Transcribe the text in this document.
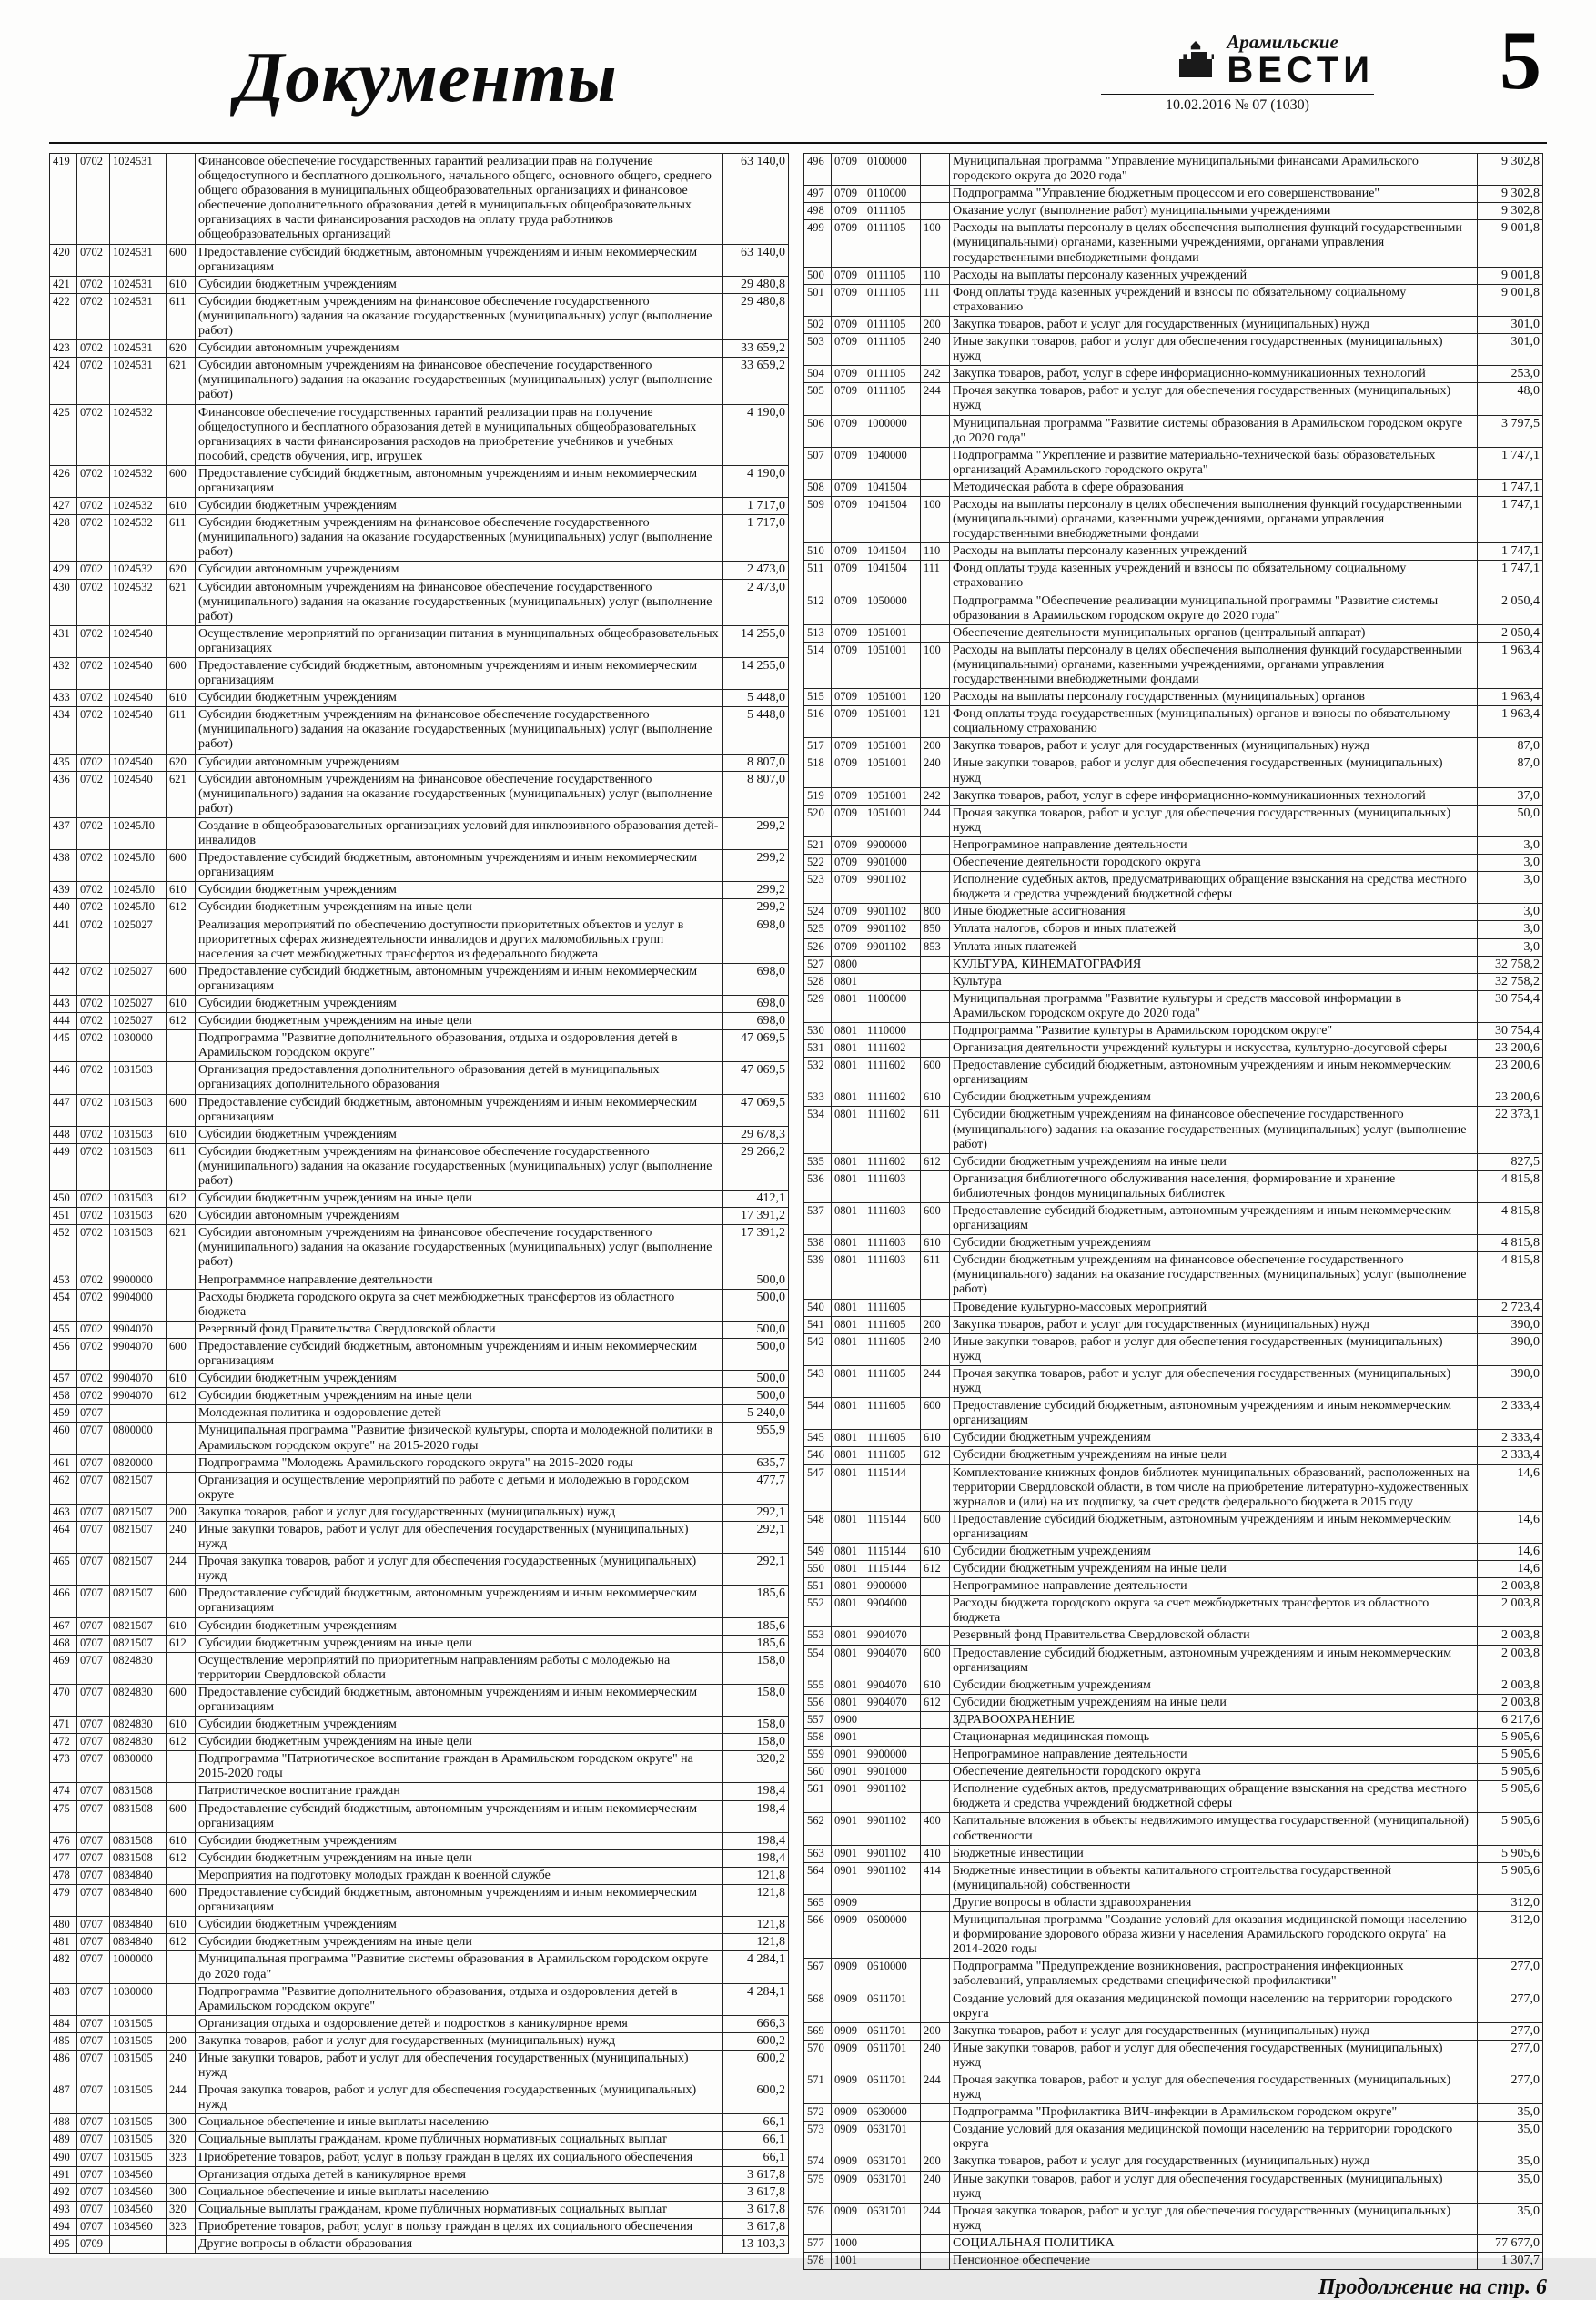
Документы	Арамильские
ВЕСТИ
10.02.2016 № 07 (1030)	5
419	0702	1024531		Финансовое обеспечение государственных гарантий реализации прав на получение общедоступного и бесплатного дошкольного, начального общего, основного общего, среднего общего образования в муниципальных общеобразовательных организациях и финансовое обеспечение дополнительного образования детей в муниципальных общеобразовательных организациях в части финансирования расходов на оплату труда работников общеобразовательных организаций	63 140,0
420	0702	1024531	600	Предоставление субсидий бюджетным, автономным учреждениям и иным некоммерческим организациям	63 140,0
421	0702	1024531	610	Субсидии бюджетным учреждениям	29 480,8
422	0702	1024531	611	Субсидии бюджетным учреждениям на финансовое обеспечение государственного (муниципального) задания на оказание государственных (муниципальных) услуг (выполнение работ)	29 480,8
423	0702	1024531	620	Субсидии автономным учреждениям	33 659,2
424	0702	1024531	621	Субсидии автономным учреждениям на финансовое обеспечение государственного (муниципального) задания на оказание государственных (муниципальных) услуг (выполнение работ)	33 659,2
425	0702	1024532		Финансовое обеспечение государственных гарантий реализации прав на получение общедоступного и бесплатного образования детей в муниципальных общеобразовательных организациях в части финансирования расходов на приобретение учебников и учебных пособий, средств обучения, игр, игрушек	4 190,0
426	0702	1024532	600	Предоставление субсидий бюджетным, автономным учреждениям и иным некоммерческим организациям	4 190,0
427	0702	1024532	610	Субсидии бюджетным учреждениям	1 717,0
428	0702	1024532	611	Субсидии бюджетным учреждениям на финансовое обеспечение государственного (муниципального) задания на оказание государственных (муниципальных) услуг (выполнение работ)	1 717,0
429	0702	1024532	620	Субсидии автономным учреждениям	2 473,0
430	0702	1024532	621	Субсидии автономным учреждениям на финансовое обеспечение государственного (муниципального) задания на оказание государственных (муниципальных) услуг (выполнение работ)	2 473,0
431	0702	1024540		Осуществление мероприятий по организации питания в муниципальных общеобразовательных организациях	14 255,0
432	0702	1024540	600	Предоставление субсидий бюджетным, автономным учреждениям и иным некоммерческим организациям	14 255,0
433	0702	1024540	610	Субсидии бюджетным учреждениям	5 448,0
434	0702	1024540	611	Субсидии бюджетным учреждениям на финансовое обеспечение государственного (муниципального) задания на оказание государственных (муниципальных) услуг (выполнение работ)	5 448,0
435	0702	1024540	620	Субсидии автономным учреждениям	8 807,0
436	0702	1024540	621	Субсидии автономным учреждениям на финансовое обеспечение государственного (муниципального) задания на оказание государственных (муниципальных) услуг (выполнение работ)	8 807,0
437	0702	10245Л0		Создание в общеобразовательных организациях условий для инклюзивного образования детей-инвалидов	299,2
438	0702	10245Л0	600	Предоставление субсидий бюджетным, автономным учреждениям и иным некоммерческим организациям	299,2
439	0702	10245Л0	610	Субсидии бюджетным учреждениям	299,2
440	0702	10245Л0	612	Субсидии бюджетным учреждениям на иные цели	299,2
441	0702	1025027		Реализация мероприятий по обеспечению доступности приоритетных объектов и услуг в приоритетных сферах жизнедеятельности инвалидов и других маломобильных групп населения за счет межбюджетных трансфертов из федерального бюджета	698,0
442	0702	1025027	600	Предоставление субсидий бюджетным, автономным учреждениям и иным некоммерческим организациям	698,0
443	0702	1025027	610	Субсидии бюджетным учреждениям	698,0
444	0702	1025027	612	Субсидии бюджетным учреждениям на иные цели	698,0
445	0702	1030000		Подпрограмма "Развитие дополнительного образования, отдыха и оздоровления детей в Арамильском городском округе"	47 069,5
446	0702	1031503		Организация предоставления дополнительного образования детей в муниципальных организациях дополнительного образования	47 069,5
447	0702	1031503	600	Предоставление субсидий бюджетным, автономным учреждениям и иным некоммерческим организациям	47 069,5
448	0702	1031503	610	Субсидии бюджетным учреждениям	29 678,3
449	0702	1031503	611	Субсидии бюджетным учреждениям на финансовое обеспечение государственного (муниципального) задания на оказание государственных (муниципальных) услуг (выполнение работ)	29 266,2
450	0702	1031503	612	Субсидии бюджетным учреждениям на иные цели	412,1
451	0702	1031503	620	Субсидии автономным учреждениям	17 391,2
452	0702	1031503	621	Субсидии автономным учреждениям на финансовое обеспечение государственного (муниципального) задания на оказание государственных (муниципальных) услуг (выполнение работ)	17 391,2
453	0702	9900000		Непрограммное направление деятельности	500,0
454	0702	9904000		Расходы бюджета городского округа за счет межбюджетных трансфертов из областного бюджета	500,0
455	0702	9904070		Резервный фонд Правительства Свердловской области	500,0
456	0702	9904070	600	Предоставление субсидий бюджетным, автономным учреждениям и иным некоммерческим организациям	500,0
457	0702	9904070	610	Субсидии бюджетным учреждениям	500,0
458	0702	9904070	612	Субсидии бюджетным учреждениям на иные цели	500,0
459	0707			Молодежная политика и оздоровление детей	5 240,0
460	0707	0800000		Муниципальная программа "Развитие физической культуры, спорта и молодежной политики в Арамильском городском округе" на 2015-2020 годы	955,9
461	0707	0820000		Подпрограмма "Молодежь Арамильского городского округа" на 2015-2020 годы	635,7
462	0707	0821507		Организация и осуществление мероприятий по работе с детьми и молодежью в городском округе	477,7
463	0707	0821507	200	Закупка товаров, работ и услуг для государственных (муниципальных) нужд	292,1
464	0707	0821507	240	Иные закупки товаров, работ и услуг для обеспечения государственных (муниципальных) нужд	292,1
465	0707	0821507	244	Прочая закупка товаров, работ и услуг для обеспечения государственных (муниципальных) нужд	292,1
466	0707	0821507	600	Предоставление субсидий бюджетным, автономным учреждениям и иным некоммерческим организациям	185,6
467	0707	0821507	610	Субсидии бюджетным учреждениям	185,6
468	0707	0821507	612	Субсидии бюджетным учреждениям на иные цели	185,6
469	0707	0824830		Осуществление мероприятий по приоритетным направлениям работы с молодежью на территории Свердловской области	158,0
470	0707	0824830	600	Предоставление субсидий бюджетным, автономным учреждениям и иным некоммерческим организациям	158,0
471	0707	0824830	610	Субсидии бюджетным учреждениям	158,0
472	0707	0824830	612	Субсидии бюджетным учреждениям на иные цели	158,0
473	0707	0830000		Подпрограмма "Патриотическое воспитание граждан в Арамильском городском округе" на 2015-2020 годы	320,2
474	0707	0831508		Патриотическое воспитание граждан	198,4
475	0707	0831508	600	Предоставление субсидий бюджетным, автономным учреждениям и иным некоммерческим организациям	198,4
476	0707	0831508	610	Субсидии бюджетным учреждениям	198,4
477	0707	0831508	612	Субсидии бюджетным учреждениям на иные цели	198,4
478	0707	0834840		Мероприятия на подготовку молодых граждан к военной службе	121,8
479	0707	0834840	600	Предоставление субсидий бюджетным, автономным учреждениям и иным некоммерческим организациям	121,8
480	0707	0834840	610	Субсидии бюджетным учреждениям	121,8
481	0707	0834840	612	Субсидии бюджетным учреждениям на иные цели	121,8
482	0707	1000000		Муниципальная программа "Развитие системы образования в Арамильском городском округе до 2020 года"	4 284,1
483	0707	1030000		Подпрограмма "Развитие дополнительного образования, отдыха и оздоровления детей в Арамильском городском округе"	4 284,1
484	0707	1031505		Организация отдыха и оздоровление детей и подростков в каникулярное время	666,3
485	0707	1031505	200	Закупка товаров, работ и услуг для государственных (муниципальных) нужд	600,2
486	0707	1031505	240	Иные закупки товаров, работ и услуг для обеспечения государственных (муниципальных) нужд	600,2
487	0707	1031505	244	Прочая закупка товаров, работ и услуг для обеспечения государственных (муниципальных) нужд	600,2
488	0707	1031505	300	Социальное обеспечение и иные выплаты населению	66,1
489	0707	1031505	320	Социальные выплаты гражданам, кроме публичных нормативных социальных выплат	66,1
490	0707	1031505	323	Приобретение товаров, работ, услуг в пользу граждан в целях их социального обеспечения	66,1
491	0707	1034560		Организация отдыха детей в каникулярное время	3 617,8
492	0707	1034560	300	Социальное обеспечение и иные выплаты населению	3 617,8
493	0707	1034560	320	Социальные выплаты гражданам, кроме публичных нормативных социальных выплат	3 617,8
494	0707	1034560	323	Приобретение товаров, работ, услуг в пользу граждан в целях их социального обеспечения	3 617,8
495	0709			Другие вопросы в области образования	13 103,3
496	0709	0100000		Муниципальная программа "Управление муниципальными финансами Арамильского городского округа до 2020 года"	9 302,8
497	0709	0110000		Подпрограмма "Управление бюджетным процессом и его совершенствование"	9 302,8
498	0709	0111105		Оказание услуг (выполнение работ) муниципальными учреждениями	9 302,8
499	0709	0111105	100	Расходы на выплаты персоналу в целях обеспечения выполнения функций государственными (муниципальными) органами, казенными учреждениями, органами управления государственными внебюджетными фондами	9 001,8
500	0709	0111105	110	Расходы на выплаты персоналу казенных учреждений	9 001,8
501	0709	0111105	111	Фонд оплаты труда казенных учреждений и взносы по обязательному социальному страхованию	9 001,8
502	0709	0111105	200	Закупка товаров, работ и услуг для государственных (муниципальных) нужд	301,0
503	0709	0111105	240	Иные закупки товаров, работ и услуг для обеспечения государственных (муниципальных) нужд	301,0
504	0709	0111105	242	Закупка товаров, работ, услуг в сфере информационно-коммуникационных технологий	253,0
505	0709	0111105	244	Прочая закупка товаров, работ и услуг для обеспечения государственных (муниципальных) нужд	48,0
506	0709	1000000		Муниципальная программа "Развитие системы образования в Арамильском городском округе до 2020 года"	3 797,5
507	0709	1040000		Подпрограмма "Укрепление и развитие материально-технической базы образовательных организаций Арамильского городского округа"	1 747,1
508	0709	1041504		Методическая работа в сфере образования	1 747,1
509	0709	1041504	100	Расходы на выплаты персоналу в целях обеспечения выполнения функций государственными (муниципальными) органами, казенными учреждениями, органами управления государственными внебюджетными фондами	1 747,1
510	0709	1041504	110	Расходы на выплаты персоналу казенных учреждений	1 747,1
511	0709	1041504	111	Фонд оплаты труда казенных учреждений и взносы по обязательному социальному страхованию	1 747,1
512	0709	1050000		Подпрограмма "Обеспечение реализации муниципальной программы "Развитие системы образования в Арамильском городском округе до 2020 года"	2 050,4
513	0709	1051001		Обеспечение деятельности муниципальных органов (центральный аппарат)	2 050,4
514	0709	1051001	100	Расходы на выплаты персоналу в целях обеспечения выполнения функций государственными (муниципальными) органами, казенными учреждениями, органами управления государственными внебюджетными фондами	1 963,4
515	0709	1051001	120	Расходы на выплаты персоналу государственных (муниципальных) органов	1 963,4
516	0709	1051001	121	Фонд оплаты труда государственных (муниципальных) органов и взносы по обязательному социальному страхованию	1 963,4
517	0709	1051001	200	Закупка товаров, работ и услуг для государственных (муниципальных) нужд	87,0
518	0709	1051001	240	Иные закупки товаров, работ и услуг для обеспечения государственных (муниципальных) нужд	87,0
519	0709	1051001	242	Закупка товаров, работ, услуг в сфере информационно-коммуникационных технологий	37,0
520	0709	1051001	244	Прочая закупка товаров, работ и услуг для обеспечения государственных (муниципальных) нужд	50,0
521	0709	9900000		Непрограммное направление деятельности	3,0
522	0709	9901000		Обеспечение деятельности городского округа	3,0
523	0709	9901102		Исполнение судебных актов, предусматривающих обращение взыскания на средства местного бюджета и средства учреждений бюджетной сферы	3,0
524	0709	9901102	800	Иные бюджетные ассигнования	3,0
525	0709	9901102	850	Уплата налогов, сборов и иных платежей	3,0
526	0709	9901102	853	Уплата иных платежей	3,0
527	0800			КУЛЬТУРА, КИНЕМАТОГРАФИЯ	32 758,2
528	0801			Культура	32 758,2
529	0801	1100000		Муниципальная программа "Развитие культуры и средств массовой информации в Арамильском городском округе до 2020 года"	30 754,4
530	0801	1110000		Подпрограмма "Развитие культуры в Арамильском городском округе"	30 754,4
531	0801	1111602		Организация деятельности учреждений культуры и искусства, культурно-досуговой сферы	23 200,6
532	0801	1111602	600	Предоставление субсидий бюджетным, автономным учреждениям и иным некоммерческим организациям	23 200,6
533	0801	1111602	610	Субсидии бюджетным учреждениям	23 200,6
534	0801	1111602	611	Субсидии бюджетным учреждениям на финансовое обеспечение государственного (муниципального) задания на оказание государственных (муниципальных) услуг (выполнение работ)	22 373,1
535	0801	1111602	612	Субсидии бюджетным учреждениям на иные цели	827,5
536	0801	1111603		Организация библиотечного обслуживания населения, формирование и хранение библиотечных фондов муниципальных библиотек	4 815,8
537	0801	1111603	600	Предоставление субсидий бюджетным, автономным учреждениям и иным некоммерческим организациям	4 815,8
538	0801	1111603	610	Субсидии бюджетным учреждениям	4 815,8
539	0801	1111603	611	Субсидии бюджетным учреждениям на финансовое обеспечение государственного (муниципального) задания на оказание государственных (муниципальных) услуг (выполнение работ)	4 815,8
540	0801	1111605		Проведение культурно-массовых мероприятий	2 723,4
541	0801	1111605	200	Закупка товаров, работ и услуг для государственных (муниципальных) нужд	390,0
542	0801	1111605	240	Иные закупки товаров, работ и услуг для обеспечения государственных (муниципальных) нужд	390,0
543	0801	1111605	244	Прочая закупка товаров, работ и услуг для обеспечения государственных (муниципальных) нужд	390,0
544	0801	1111605	600	Предоставление субсидий бюджетным, автономным учреждениям и иным некоммерческим организациям	2 333,4
545	0801	1111605	610	Субсидии бюджетным учреждениям	2 333,4
546	0801	1111605	612	Субсидии бюджетным учреждениям на иные цели	2 333,4
547	0801	1115144		Комплектование книжных фондов библиотек муниципальных образований, расположенных на территории Свердловской области, в том числе на приобретение литературно-художественных журналов и (или) на их подписку, за счет средств федерального бюджета в 2015 году	14,6
548	0801	1115144	600	Предоставление субсидий бюджетным, автономным учреждениям и иным некоммерческим организациям	14,6
549	0801	1115144	610	Субсидии бюджетным учреждениям	14,6
550	0801	1115144	612	Субсидии бюджетным учреждениям на иные цели	14,6
551	0801	9900000		Непрограммное направление деятельности	2 003,8
552	0801	9904000		Расходы бюджета городского округа за счет межбюджетных трансфертов из областного бюджета	2 003,8
553	0801	9904070		Резервный фонд Правительства Свердловской области	2 003,8
554	0801	9904070	600	Предоставление субсидий бюджетным, автономным учреждениям и иным некоммерческим организациям	2 003,8
555	0801	9904070	610	Субсидии бюджетным учреждениям	2 003,8
556	0801	9904070	612	Субсидии бюджетным учреждениям на иные цели	2 003,8
557	0900			ЗДРАВООХРАНЕНИЕ	6 217,6
558	0901			Стационарная медицинская помощь	5 905,6
559	0901	9900000		Непрограммное направление деятельности	5 905,6
560	0901	9901000		Обеспечение деятельности городского округа	5 905,6
561	0901	9901102		Исполнение судебных актов, предусматривающих обращение взыскания на средства местного бюджета и средства учреждений бюджетной сферы	5 905,6
562	0901	9901102	400	Капитальные вложения в объекты недвижимого имущества государственной (муниципальной) собственности	5 905,6
563	0901	9901102	410	Бюджетные инвестиции	5 905,6
564	0901	9901102	414	Бюджетные инвестиции в объекты капитального строительства государственной (муниципальной) собственности	5 905,6
565	0909			Другие вопросы в области здравоохранения	312,0
566	0909	0600000		Муниципальная программа "Создание условий для оказания медицинской помощи населению и формирование здорового образа жизни у населения Арамильского городского округа" на 2014-2020 годы	312,0
567	0909	0610000		Подпрограмма "Предупреждение возникновения, распространения инфекционных заболеваний, управляемых средствами специфической профилактики"	277,0
568	0909	0611701		Создание условий для оказания медицинской помощи населению на территории городского округа	277,0
569	0909	0611701	200	Закупка товаров, работ и услуг для государственных (муниципальных) нужд	277,0
570	0909	0611701	240	Иные закупки товаров, работ и услуг для обеспечения государственных (муниципальных) нужд	277,0
571	0909	0611701	244	Прочая закупка товаров, работ и услуг для обеспечения государственных (муниципальных) нужд	277,0
572	0909	0630000		Подпрограмма "Профилактика ВИЧ-инфекции в Арамильском городском округе"	35,0
573	0909	0631701		Создание условий для оказания медицинской помощи населению на территории городского округа	35,0
574	0909	0631701	200	Закупка товаров, работ и услуг для государственных (муниципальных) нужд	35,0
575	0909	0631701	240	Иные закупки товаров, работ и услуг для обеспечения государственных (муниципальных) нужд	35,0
576	0909	0631701	244	Прочая закупка товаров, работ и услуг для обеспечения государственных (муниципальных) нужд	35,0
577	1000			СОЦИАЛЬНАЯ ПОЛИТИКА	77 677,0
578	1001			Пенсионное обеспечение	1 307,7
Продолжение на стр. 6
